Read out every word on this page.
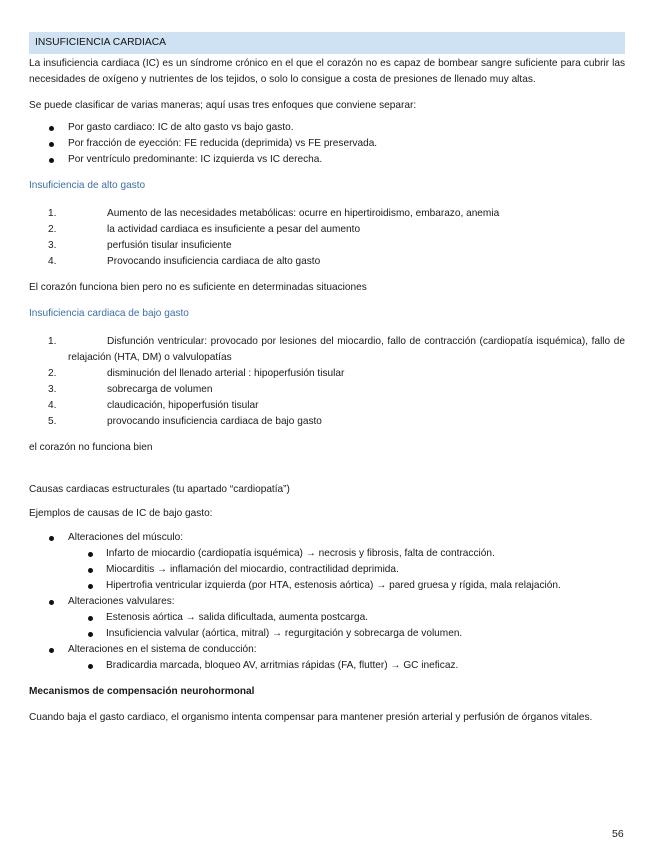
INSUFICIENCIA CARDIACA

La insuficiencia cardiaca (IC) es un síndrome crónico en el que el corazón no es capaz de bombear sangre suficiente para cubrir las necesidades de oxígeno y nutrientes de los tejidos, o solo lo consigue a costa de presiones de llenado muy altas.

Se puede clasificar de varias maneras; aquí usas tres enfoques que conviene separar:

Por gasto cardiaco: IC de alto gasto vs bajo gasto.
Por fracción de eyección: FE reducida (deprimida) vs FE preservada.
Por ventrículo predominante: IC izquierda vs IC derecha.

Insuficiencia de alto gasto

1.	Aumento de las necesidades metabólicas: ocurre en hipertiroidismo, embarazo, anemia
2.	la actividad cardiaca es insuficiente a pesar del aumento
3.	perfusión tisular insuficiente
4.	Provocando insuficiencia cardiaca de alto gasto

El corazón funciona bien pero no es suficiente en determinadas situaciones

Insuficiencia cardiaca de bajo gasto

1.	Disfunción ventricular: provocado por lesiones del miocardio, fallo de contracción (cardiopatía isquémica), fallo de relajación (HTA, DM) o valvulopatías
2.	disminución del llenado arterial : hipoperfusión tisular
3.	sobrecarga de volumen
4.	claudicación, hipoperfusión tisular
5.	provocando insuficiencia cardiaca de bajo gasto

el corazón no funciona bien

Causas cardiacas estructurales (tu apartado “cardiopatía”)

Ejemplos de causas de IC de bajo gasto:

Alteraciones del músculo:
Infarto de miocardio (cardiopatía isquémica) → necrosis y fibrosis, falta de contracción.
Miocarditis → inflamación del miocardio, contractilidad deprimida.
Hipertrofia ventricular izquierda (por HTA, estenosis aórtica) → pared gruesa y rígida, mala relajación.
Alteraciones valvulares:
Estenosis aórtica → salida dificultada, aumenta postcarga.
Insuficiencia valvular (aórtica, mitral) → regurgitación y sobrecarga de volumen.
Alteraciones en el sistema de conducción:
Bradicardia marcada, bloqueo AV, arritmias rápidas (FA, flutter) → GC ineficaz.

Mecanismos de compensación neurohormonal

Cuando baja el gasto cardiaco, el organismo intenta compensar para mantener presión arterial y perfusión de órganos vitales.

56
